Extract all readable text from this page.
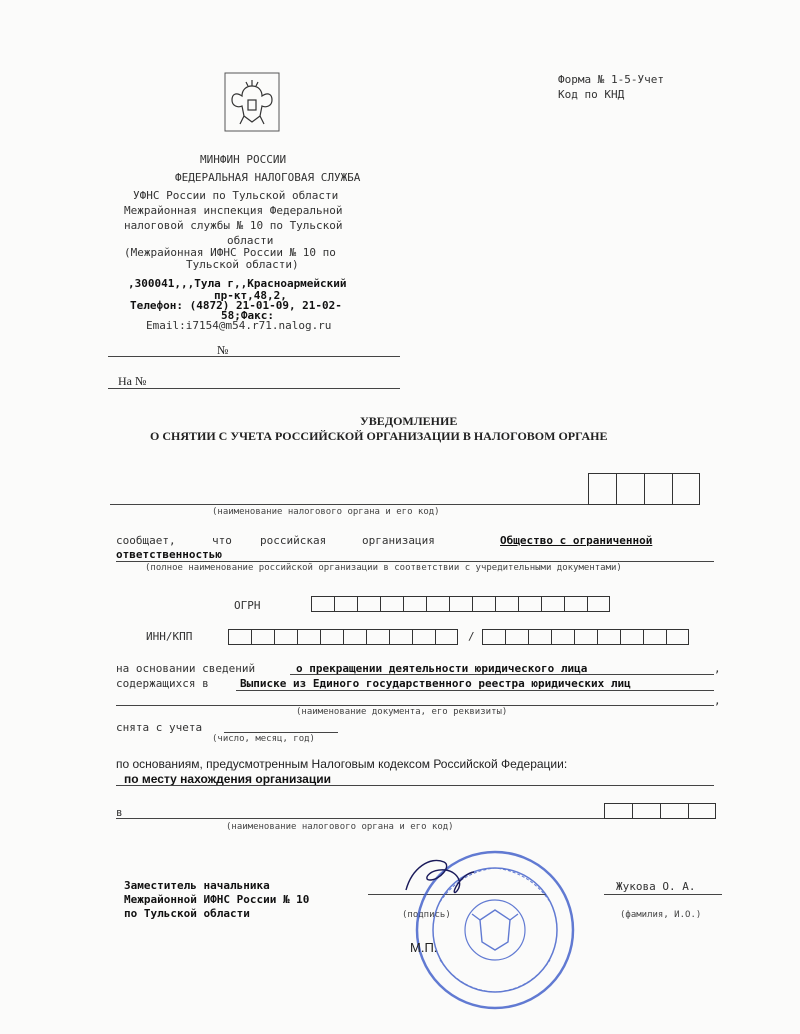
Форма № 1-5-Учет
Код по КНД
МИНФИН РОССИИ
ФЕДЕРАЛЬНАЯ НАЛОГОВАЯ СЛУЖБА
УФНС России по Тульской области
Межрайонная инспекция Федеральной
налоговой службы № 10 по Тульской
области
(Межрайонная ИФНС России № 10 по
Тульской области)
,300041,,,Тула г,,Красноармейский
пр-кт,48,2,
Телефон: (4872) 21-01-09, 21-02-
58;Факс:
Email:i7154@m54.r71.nalog.ru
№
На №
УВЕДОМЛЕНИЕ
О СНЯТИИ С УЧЕТА РОССИЙСКОЙ ОРГАНИЗАЦИИ В НАЛОГОВОМ ОРГАНЕ
(наименование налогового органа и его код)
сообщает,	что	российская	организация	Общество с ограниченной
ответственностью
(полное наименование российской организации в соответствии с учредительными документами)
ОГРН
ИНН/КПП	/
на основании сведений	о прекращении деятельности юридического лица	,
содержащихся в	Выписке из Единого государственного реестра юридических лиц
,
(наименование документа, его реквизиты)
снята с учета
(число, месяц, год)
по основаниям, предусмотренным Налоговым кодексом Российской Федерации:
по месту нахождения организации
в
(наименование налогового органа и его код)
Заместитель начальника
Межрайонной ИФНС России № 10
по Тульской области	(подпись)
Жукова О. А.
(фамилия, И.О.)
М.П.
